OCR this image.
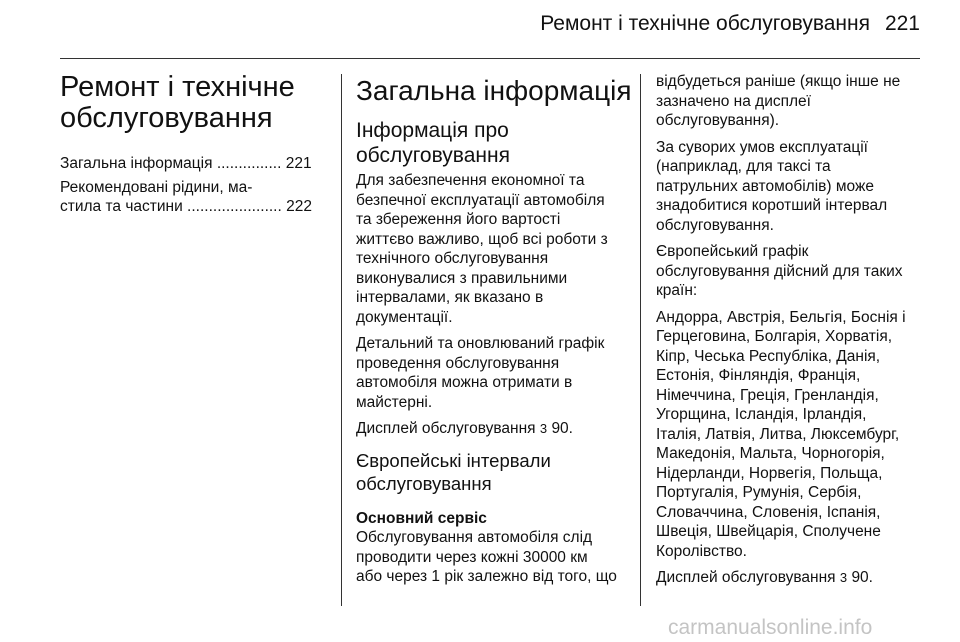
Ремонт і технічне обслуговування 221
Ремонт і технічне
обслуговування
Загальна інформація ............... 221
Рекомендовані рідини, ма-
стила та частини ...................... 222
Загальна інформація
Інформація про
обслуговування

Для забезпечення економної та
безпечної експлуатації автомобіля
та збереження його вартості
життєво важливо, щоб всі роботи з
технічного обслуговування
виконувалися з правильними
інтервалами, як вказано в
документації.

Детальний та оновлюваний графік
проведення обслуговування
автомобіля можна отримати в
майстерні.

Дисплей обслуговування 3 90.

Європейські інтервали
обслуговування
Основний сервіс

Обслуговування автомобіля слід
проводити через кожні 30000 км
або через 1 рік залежно від того, що

відбудеться раніше (якщо інше не
зазначено на дисплеї
обслуговування).

За суворих умов експлуатації
(наприклад, для таксі та
патрульних автомобілів) може
знадобитися коротший інтервал
обслуговування.

Європейський графік
обслуговування дійсний для таких
країн:

Андорра, Австрія, Бельгія, Боснія і
Герцеговина, Болгарія, Хорватія,
Кіпр, Чеська Республіка, Данія,
Естонія, Фінляндія, Франція,
Німеччина, Греція, Гренландія,
Угорщина, Ісландія, Ірландія,
Італія, Латвія, Литва, Люксембург,
Македонія, Мальта, Чорногорія,
Нідерланди, Норвегія, Польща,
Португалія, Румунія, Сербія,
Словаччина, Словенія, Іспанія,
Швеція, Швейцарія, Сполучене
Королівство.

Дисплей обслуговування 3 90.

carmanualsonline.info
